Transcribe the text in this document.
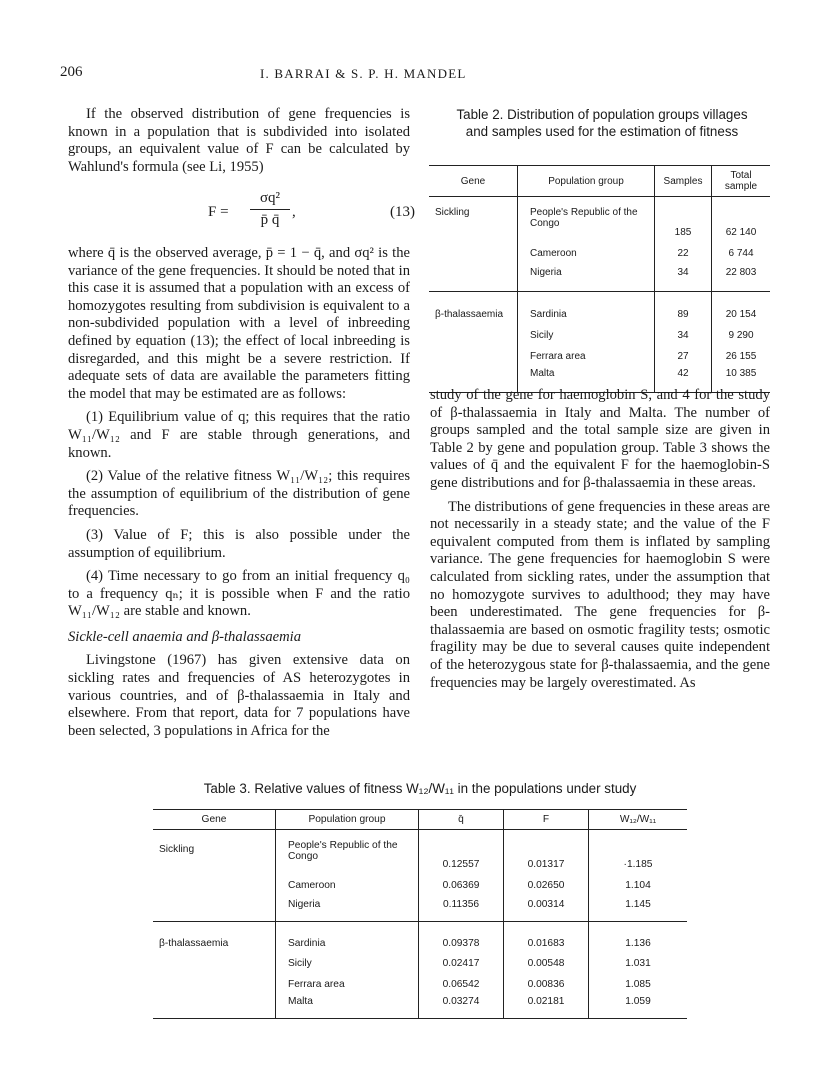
206	I. BARRAI & S. P. H. MANDEL

If the observed distribution of gene frequencies is known in a population that is subdivided into isolated groups, an equivalent value of F can be calculated by Wahlund's formula (see Li, 1955)

F =
σq²
p̄ q̄ ,	(13)

where q̄ is the observed average, p̄ = 1 − q̄, and σq² is the variance of the gene frequencies. It should be noted that in this case it is assumed that a population with an excess of homozygotes resulting from subdivision is equivalent to a non-subdivided population with a level of inbreeding defined by equation (13); the effect of local inbreeding is disregarded, and this might be a severe restriction. If adequate sets of data are available the parameters fitting the model that may be estimated are as follows:

(1) Equilibrium value of q; this requires that the ratio W₁₁/W₁₂ and F are stable through generations, and known.

(2) Value of the relative fitness W₁₁/W₁₂; this requires the assumption of equilibrium of the distribution of gene frequencies.

(3) Value of F; this is also possible under the assumption of equilibrium.

(4) Time necessary to go from an initial frequency q₀ to a frequency qₙ; it is possible when F and the ratio W₁₁/W₁₂ are stable and known.

Sickle-cell anaemia and β-thalassaemia

Livingstone (1967) has given extensive data on sickling rates and frequencies of AS heterozygotes in various countries, and of β-thalassaemia in Italy and elsewhere. From that report, data for 7 populations have been selected, 3 populations in Africa for the

Table 2. Distribution of population groups villages and samples used for the estimation of fitness
Gene	Population group	Samples	Total sample

Sickling	People's Republic of the Congo	185	62 140
	Cameroon	22	6 744
	Nigeria	34	22 803
β-thalassaemia	Sardinia	89	20 154
	Sicily	34	9 290
	Ferrara area	27	26 155
	Malta	42	10 385

study of the gene for haemoglobin S, and 4 for the study of β-thalassaemia in Italy and Malta. The number of groups sampled and the total sample size are given in Table 2 by gene and population group. Table 3 shows the values of q̄ and the equivalent F for the haemoglobin-S gene distributions and for β-thalassaemia in these areas.

The distributions of gene frequencies in these areas are not necessarily in a steady state; and the value of the F equivalent computed from them is inflated by sampling variance. The gene frequencies for haemoglobin S were calculated from sickling rates, under the assumption that no homozygote survives to adulthood; they may have been underestimated. The gene frequencies for β-thalassaemia are based on osmotic fragility tests; osmotic fragility may be due to several causes quite independent of the heterozygous state for β-thalassaemia, and the gene frequencies may be largely overestimated. As

Table 3. Relative values of fitness W₁₂/W₁₁ in the populations under study
Gene	Population group	q̄	F	W₁₂/W₁₁

Sickling	People's Republic of the Congo	0.12557	0.01317	·1.185
	Cameroon	0.06369	0.02650	1.104
	Nigeria	0.11356	0.00314	1.145
β-thalassaemia	Sardinia	0.09378	0.01683	1.136
	Sicily	0.02417	0.00548	1.031
	Ferrara area	0.06542	0.00836	1.085
	Malta	0.03274	0.02181	1.059
